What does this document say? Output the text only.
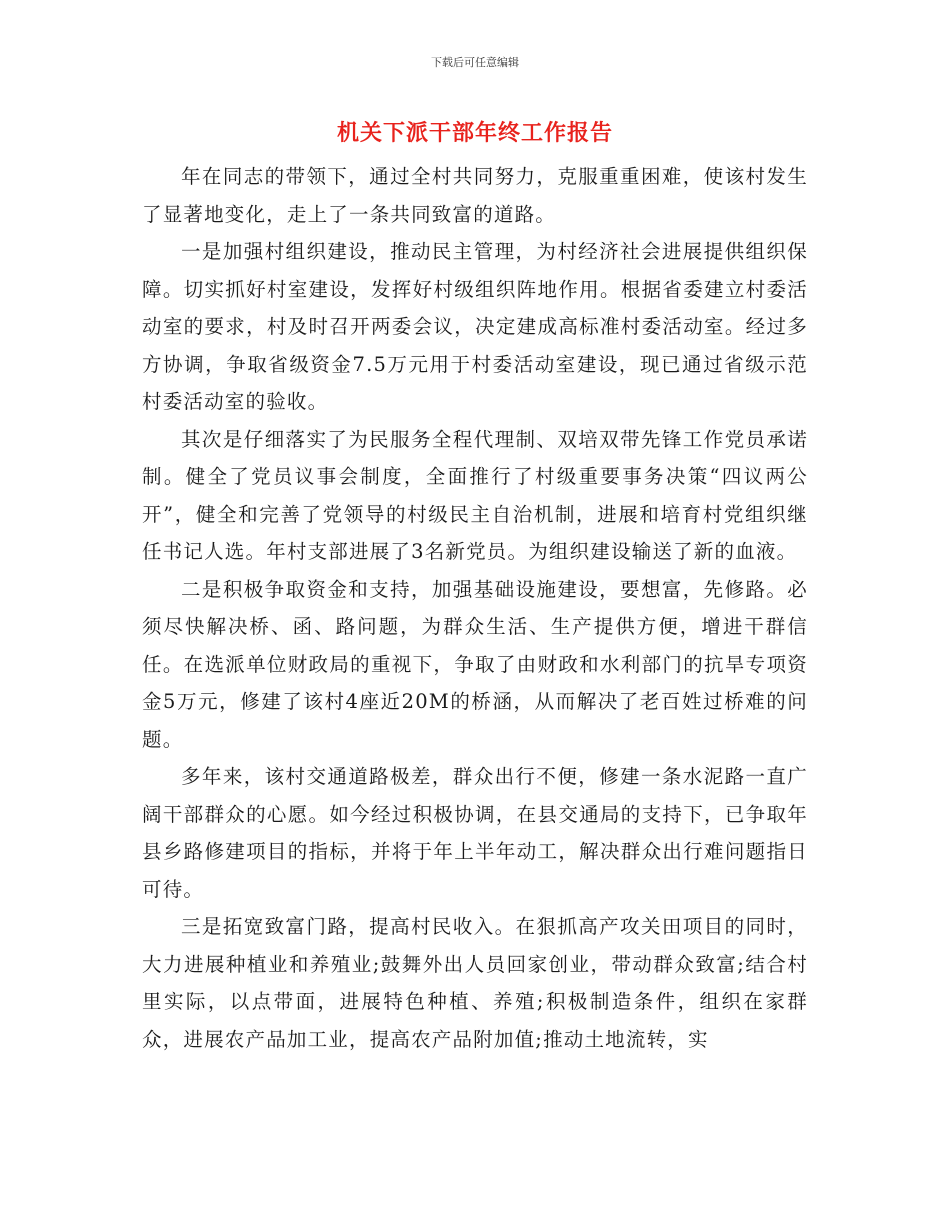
下载后可任意编辑
机关下派干部年终工作报告

年在同志的带领下，通过全村共同努力，克服重重困难，使该村发生了显著地变化，走上了一条共同致富的道路。

一是加强村组织建设，推动民主管理，为村经济社会进展提供组织保障。切实抓好村室建设，发挥好村级组织阵地作用。根据省委建立村委活动室的要求，村及时召开两委会议，决定建成高标准村委活动室。经过多方协调，争取省级资金7.5万元用于村委活动室建设，现已通过省级示范村委活动室的验收。

其次是仔细落实了为民服务全程代理制、双培双带先锋工作党员承诺制。健全了党员议事会制度，全面推行了村级重要事务决策“四议两公开”，健全和完善了党领导的村级民主自治机制，进展和培育村党组织继任书记人选。年村支部进展了3名新党员。为组织建设输送了新的血液。

二是积极争取资金和支持，加强基础设施建设，要想富，先修路。必须尽快解决桥、函、路问题，为群众生活、生产提供方便，增进干群信任。在选派单位财政局的重视下，争取了由财政和水利部门的抗旱专项资金5万元，修建了该村4座近20M的桥涵，从而解决了老百姓过桥难的问题。

多年来，该村交通道路极差，群众出行不便，修建一条水泥路一直广阔干部群众的心愿。如今经过积极协调，在县交通局的支持下，已争取年县乡路修建项目的指标，并将于年上半年动工，解决群众出行难问题指日可待。

三是拓宽致富门路，提高村民收入。在狠抓高产攻关田项目的同时，大力进展种植业和养殖业;鼓舞外出人员回家创业，带动群众致富;结合村里实际，以点带面，进展特色种植、养殖;积极制造条件，组织在家群众，进展农产品加工业，提高农产品附加值;推动土地流转，实
